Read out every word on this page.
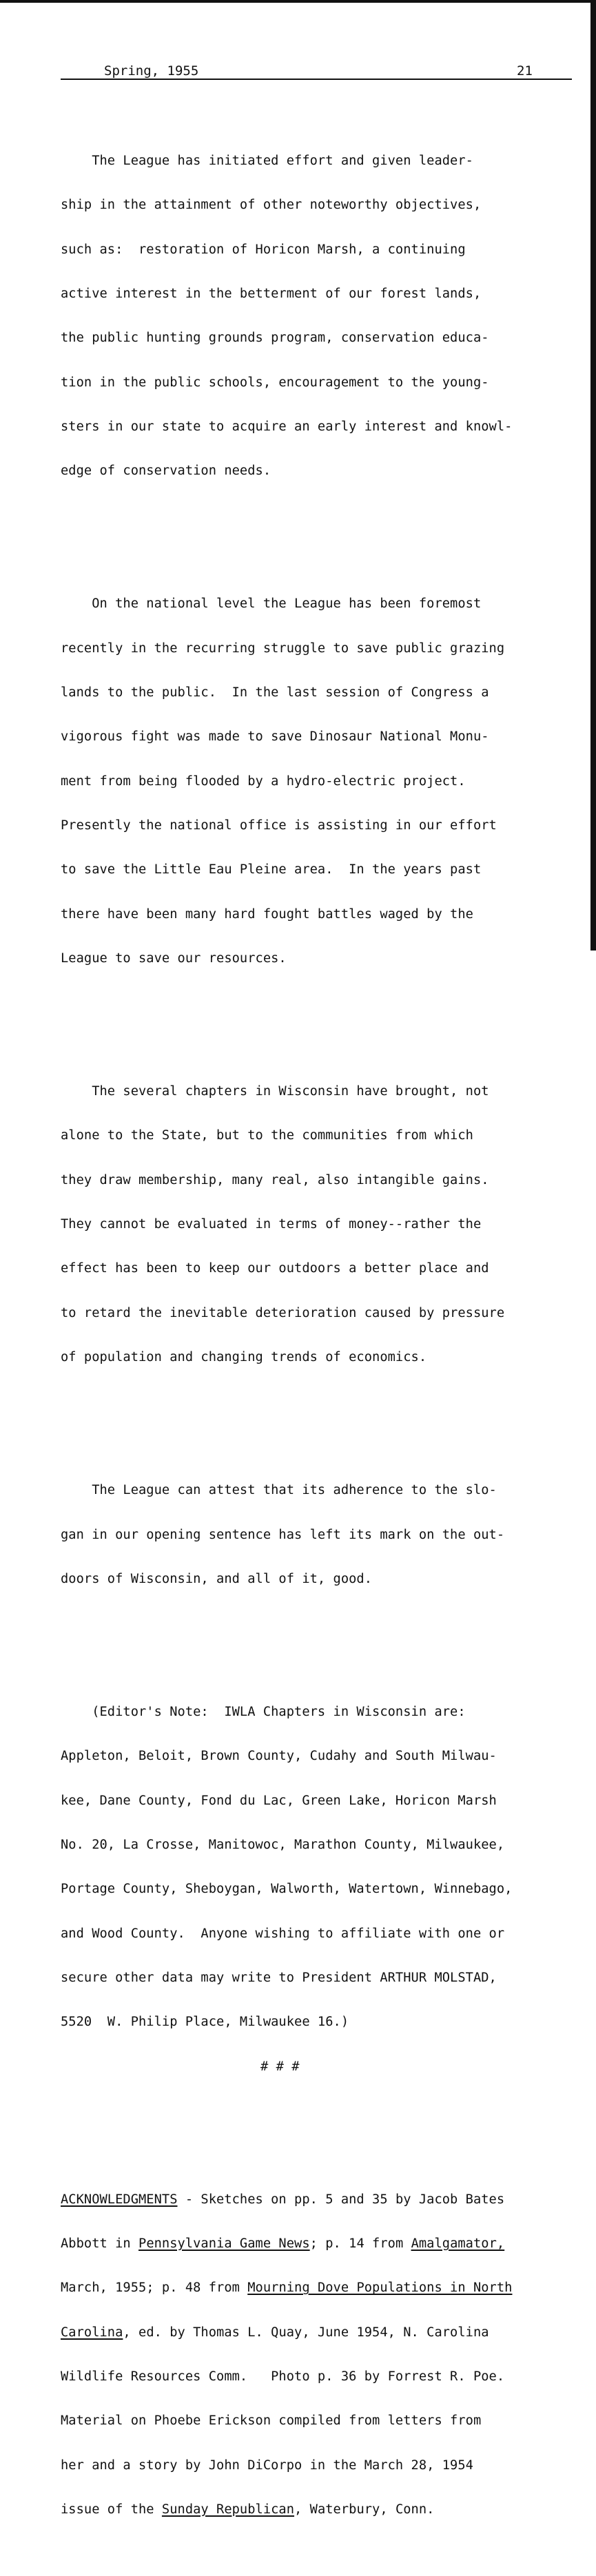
Spring, 1955	21

The League has initiated effort and given leader-

ship in the attainment of other noteworthy objectives,

such as:  restoration of Horicon Marsh, a continuing

active interest in the betterment of our forest lands,

the public hunting grounds program, conservation educa-

tion in the public schools, encouragement to the young-

sters in our state to acquire an early interest and knowl-

edge of conservation needs.

On the national level the League has been foremost

recently in the recurring struggle to save public grazing

lands to the public.  In the last session of Congress a

vigorous fight was made to save Dinosaur National Monu-

ment from being flooded by a hydro-electric project.

Presently the national office is assisting in our effort

to save the Little Eau Pleine area.  In the years past

there have been many hard fought battles waged by the

League to save our resources.

The several chapters in Wisconsin have brought, not

alone to the State, but to the communities from which

they draw membership, many real, also intangible gains.

They cannot be evaluated in terms of money--rather the

effect has been to keep our outdoors a better place and

to retard the inevitable deterioration caused by pressure

of population and changing trends of economics.

The League can attest that its adherence to the slo-

gan in our opening sentence has left its mark on the out-

doors of Wisconsin, and all of it, good.

(Editor's Note:  IWLA Chapters in Wisconsin are:

Appleton, Beloit, Brown County, Cudahy and South Milwau-

kee, Dane County, Fond du Lac, Green Lake, Horicon Marsh

No. 20, La Crosse, Manitowoc, Marathon County, Milwaukee,

Portage County, Sheboygan, Walworth, Watertown, Winnebago,

and Wood County.  Anyone wishing to affiliate with one or

secure other data may write to President ARTHUR MOLSTAD,

5520  W. Philip Place, Milwaukee 16.)

# # #

ACKNOWLEDGMENTS - Sketches on pp. 5 and 35 by Jacob Bates

Abbott in Pennsylvania Game News; p. 14 from Amalgamator,

March, 1955; p. 48 from Mourning Dove Populations in North

Carolina, ed. by Thomas L. Quay, June 1954, N. Carolina

Wildlife Resources Comm.   Photo p. 36 by Forrest R. Poe.

Material on Phoebe Erickson compiled from letters from

her and a story by John DiCorpo in the March 28, 1954

issue of the Sunday Republican, Waterbury, Conn.
